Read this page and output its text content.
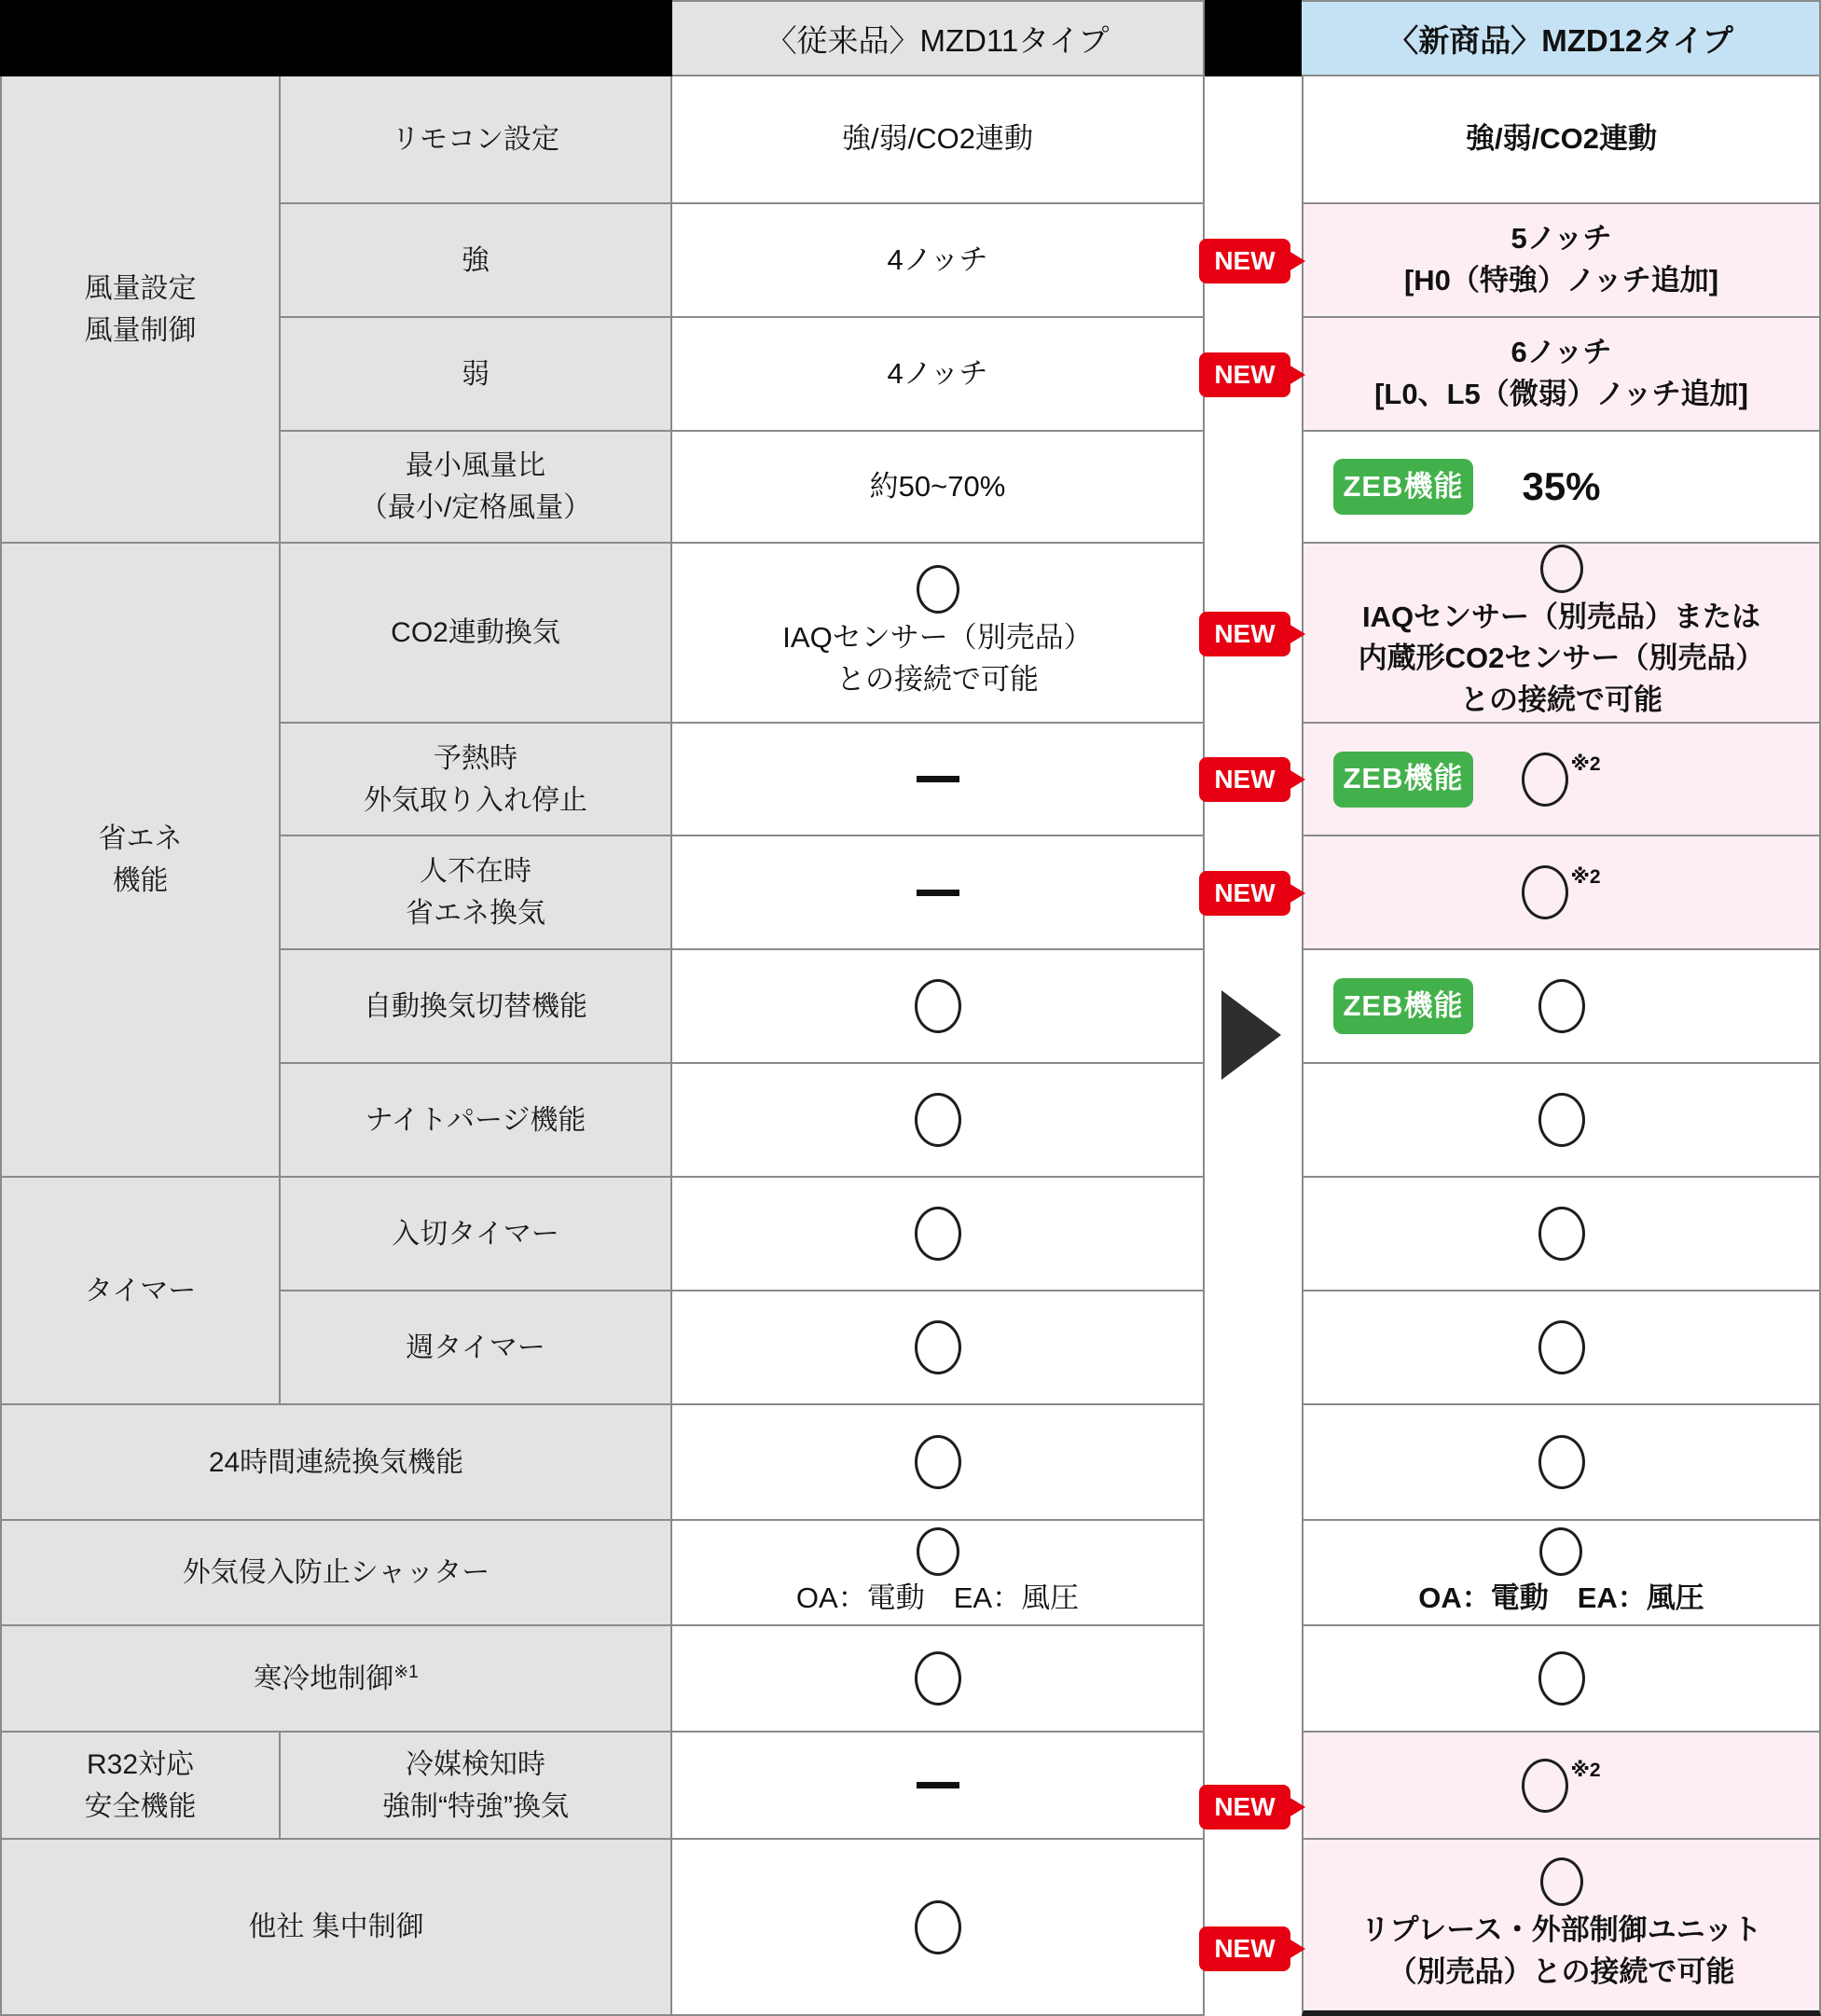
〈従来品〉MZD11タイプ	〈新商品〉MZD12タイプ
風量設定
風量制御
省エネ
機能
タイマー
R32対応
安全機能
リモコン設定
強
弱
最小風量比
（最小/定格風量）
CO2連動換気
予熱時
外気取り入れ停止
人不在時
省エネ換気
自動換気切替機能
ナイトパージ機能
入切タイマー
週タイマー
24時間連続換気機能
外気侵入防止シャッター
寒冷地制御$^{※1}$
冷媒検知時
強制“特強”換気
他社 集中制御
強/弱/CO2連動
4ノッチ
4ノッチ
約50~70%
IAQセンサー（別売品）
との接続で可能
OA：電動　EA：風圧
NEW
NEW
NEW
NEW
NEW
NEW
NEW
強/弱/CO2連動
5ノッチ
[H0（特強）ノッチ追加]
6ノッチ
[L0、L5（微弱）ノッチ追加]
ZEB機能 35%
IAQセンサー（別売品）または
内蔵形CO2センサー（別売品）
との接続で可能
ZEB機能	$^{※2}$
$^{※2}$
ZEB機能
OA：電動　EA：風圧
$^{※2}$
リプレース・外部制御ユニット
（別売品）との接続で可能
